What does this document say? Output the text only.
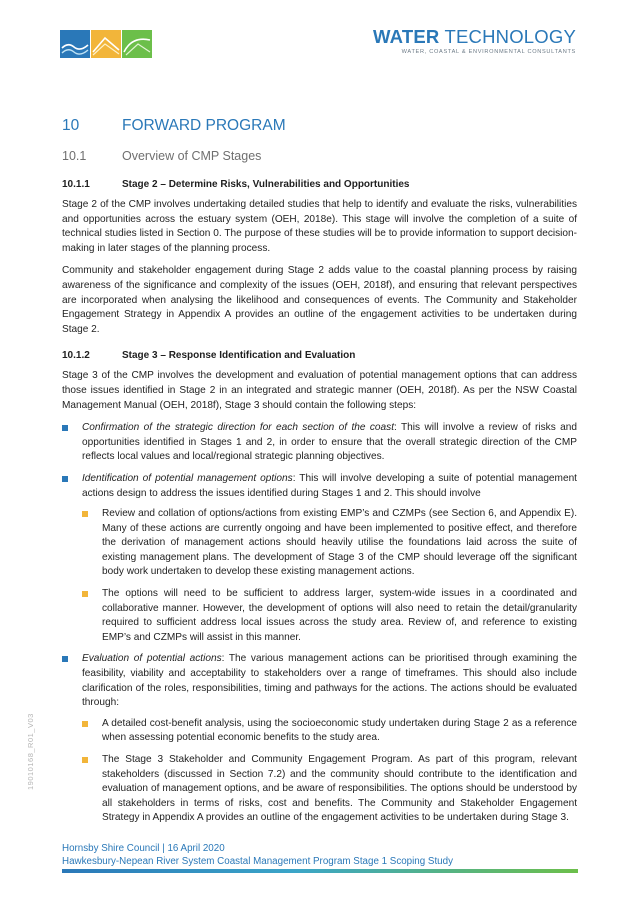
WATER TECHNOLOGY
WATER, COASTAL & ENVIRONMENTAL CONSULTANTS
10	FORWARD PROGRAM
10.1	Overview of CMP Stages
10.1.1	Stage 2 – Determine Risks, Vulnerabilities and Opportunities

Stage 2 of the CMP involves undertaking detailed studies that help to identify and evaluate the risks, vulnerabilities and opportunities across the estuary system (OEH, 2018e). This stage will involve the completion of a suite of technical studies listed in Section 0. The purpose of these studies will be to provide information to support decision-making in later stages of the planning process.

Community and stakeholder engagement during Stage 2 adds value to the coastal planning process by raising awareness of the significance and complexity of the issues (OEH, 2018f), and ensuring that relevant perspectives are incorporated when analysing the likelihood and consequences of events. The Community and Stakeholder Engagement Strategy in Appendix A provides an outline of the engagement activities to be undertaken during Stage 2.

10.1.2	Stage 3 – Response Identification and Evaluation

Stage 3 of the CMP involves the development and evaluation of potential management options that can address those issues identified in Stage 2 in an integrated and strategic manner (OEH, 2018f). As per the NSW Coastal Management Manual (OEH, 2018f), Stage 3 should contain the following steps:

Confirmation of the strategic direction for each section of the coast: This will involve a review of risks and opportunities identified in Stages 1 and 2, in order to ensure that the overall strategic direction of the CMP reflects local values and local/regional strategic planning objectives.
Identification of potential management options: This will involve developing a suite of potential management actions design to address the issues identified during Stages 1 and 2. This should involve
Review and collation of options/actions from existing EMP’s and CZMPs (see Section 6, and Appendix E). Many of these actions are currently ongoing and have been implemented to positive effect, and therefore the derivation of management actions should heavily utilise the foundations laid across the suite of existing management plans. The development of Stage 3 of the CMP should leverage off the significant body work undertaken to develop these existing management actions.
The options will need to be sufficient to address larger, system-wide issues in a coordinated and collaborative manner. However, the development of options will also need to retain the detail/granularity required to sufficient address local issues across the study area. Review of, and reference to existing EMP’s and CZMPs will assist in this manner.
Evaluation of potential actions: The various management actions can be prioritised through examining the feasibility, viability and acceptability to stakeholders over a range of timeframes. This should also include clarification of the roles, responsibilities, timing and pathways for the actions. The actions should be evaluated through:
A detailed cost-benefit analysis, using the socioeconomic study undertaken during Stage 2 as a reference when assessing potential economic benefits to the study area.
The Stage 3 Stakeholder and Community Engagement Program. As part of this program, relevant stakeholders (discussed in Section 7.2) and the community should contribute to the identification and evaluation of management options, and be aware of responsibilities. The options should be understood by all stakeholders in terms of risks, cost and benefits. The Community and Stakeholder Engagement Strategy in Appendix A provides an outline of the engagement activities to be undertaken during Stage 3.
19010168_R01_V03
Hornsby Shire Council | 16 April 2020
Hawkesbury-Nepean River System Coastal Management Program Stage 1 Scoping Study
